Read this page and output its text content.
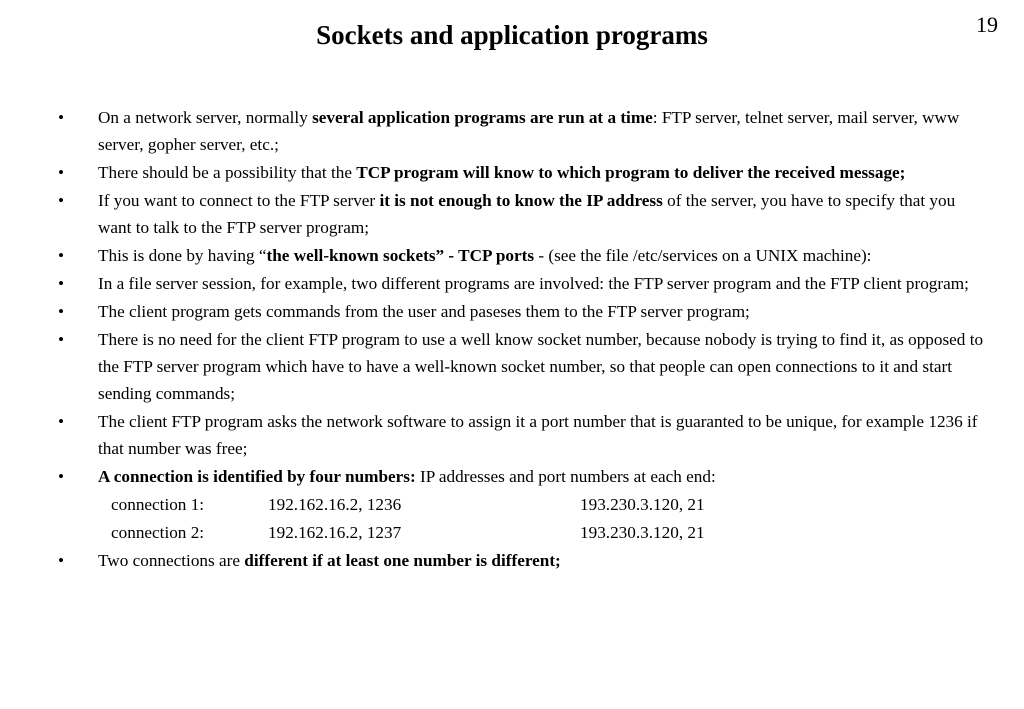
19
Sockets and application programs
• On a network server, normally several application programs are run at a time: FTP server, telnet server, mail server, www server, gopher server, etc.;
• There should be a possibility that the TCP program will know to which program to deliver the received message;
• If you want to connect to the FTP server it is not enough to know the IP address of the server, you have to specify that you want to talk to the FTP server program;
• This is done by having “the well-known sockets” - TCP ports - (see the file /etc/services on a UNIX machine):
• In a file server session, for example, two different programs are involved: the FTP server program and the FTP client program;
• The client program gets commands from the user and paseses them to the FTP server program;
• There is no need for the client FTP program to use a well know socket number, because nobody is trying to find it, as opposed to the FTP server program which have to have a well-known socket number, so that people can open connections to it and start sending commands;
• The client FTP program asks the network software to assign it a port number that is guaranted to be unique, for example 1236 if that number was free;
• A connection is identified by four numbers: IP addresses and port numbers at each end:
connection 1:	192.162.16.2, 1236	193.230.3.120, 21
connection 2:	192.162.16.2, 1237	193.230.3.120, 21
• Two connections are different if at least one number is different;
